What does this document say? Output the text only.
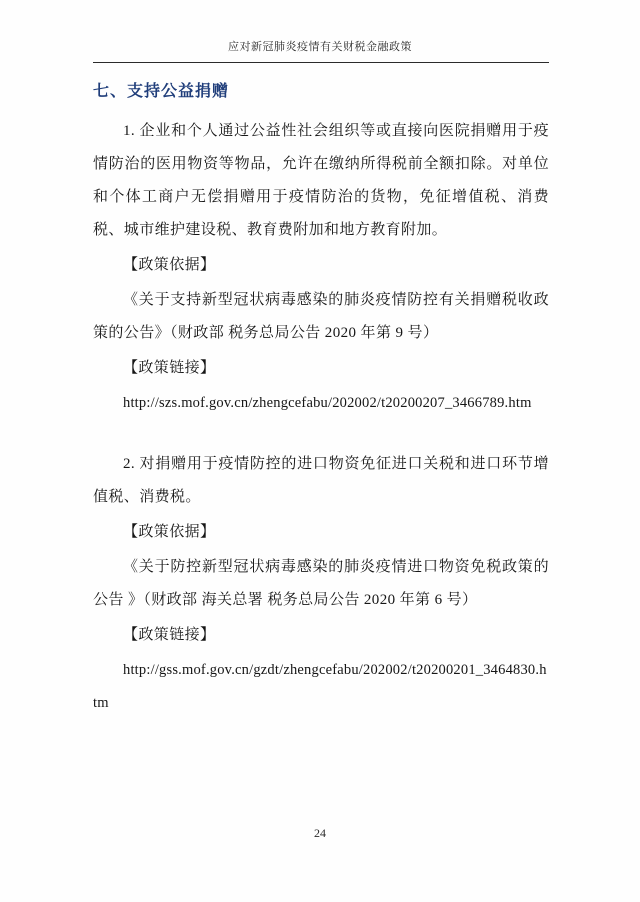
应对新冠肺炎疫情有关财税金融政策
七、支持公益捐赠

1. 企业和个人通过公益性社会组织等或直接向医院捐赠用于疫情防治的医用物资等物品，允许在缴纳所得税前全额扣除。对单位和个体工商户无偿捐赠用于疫情防治的货物，免征增值税、消费税、城市维护建设税、教育费附加和地方教育附加。

【政策依据】

《关于支持新型冠状病毒感染的肺炎疫情防控有关捐赠税收政策的公告》（财政部 税务总局公告 2020 年第 9 号）

【政策链接】

http://szs.mof.gov.cn/zhengcefabu/202002/t20200207_3466789.htm

2. 对捐赠用于疫情防控的进口物资免征进口关税和进口环节增值税、消费税。

【政策依据】

《关于防控新型冠状病毒感染的肺炎疫情进口物资免税政策的公告 》（财政部 海关总署 税务总局公告 2020 年第 6 号）

【政策链接】

http://gss.mof.gov.cn/gzdt/zhengcefabu/202002/t20200201_3464830.htm

24
